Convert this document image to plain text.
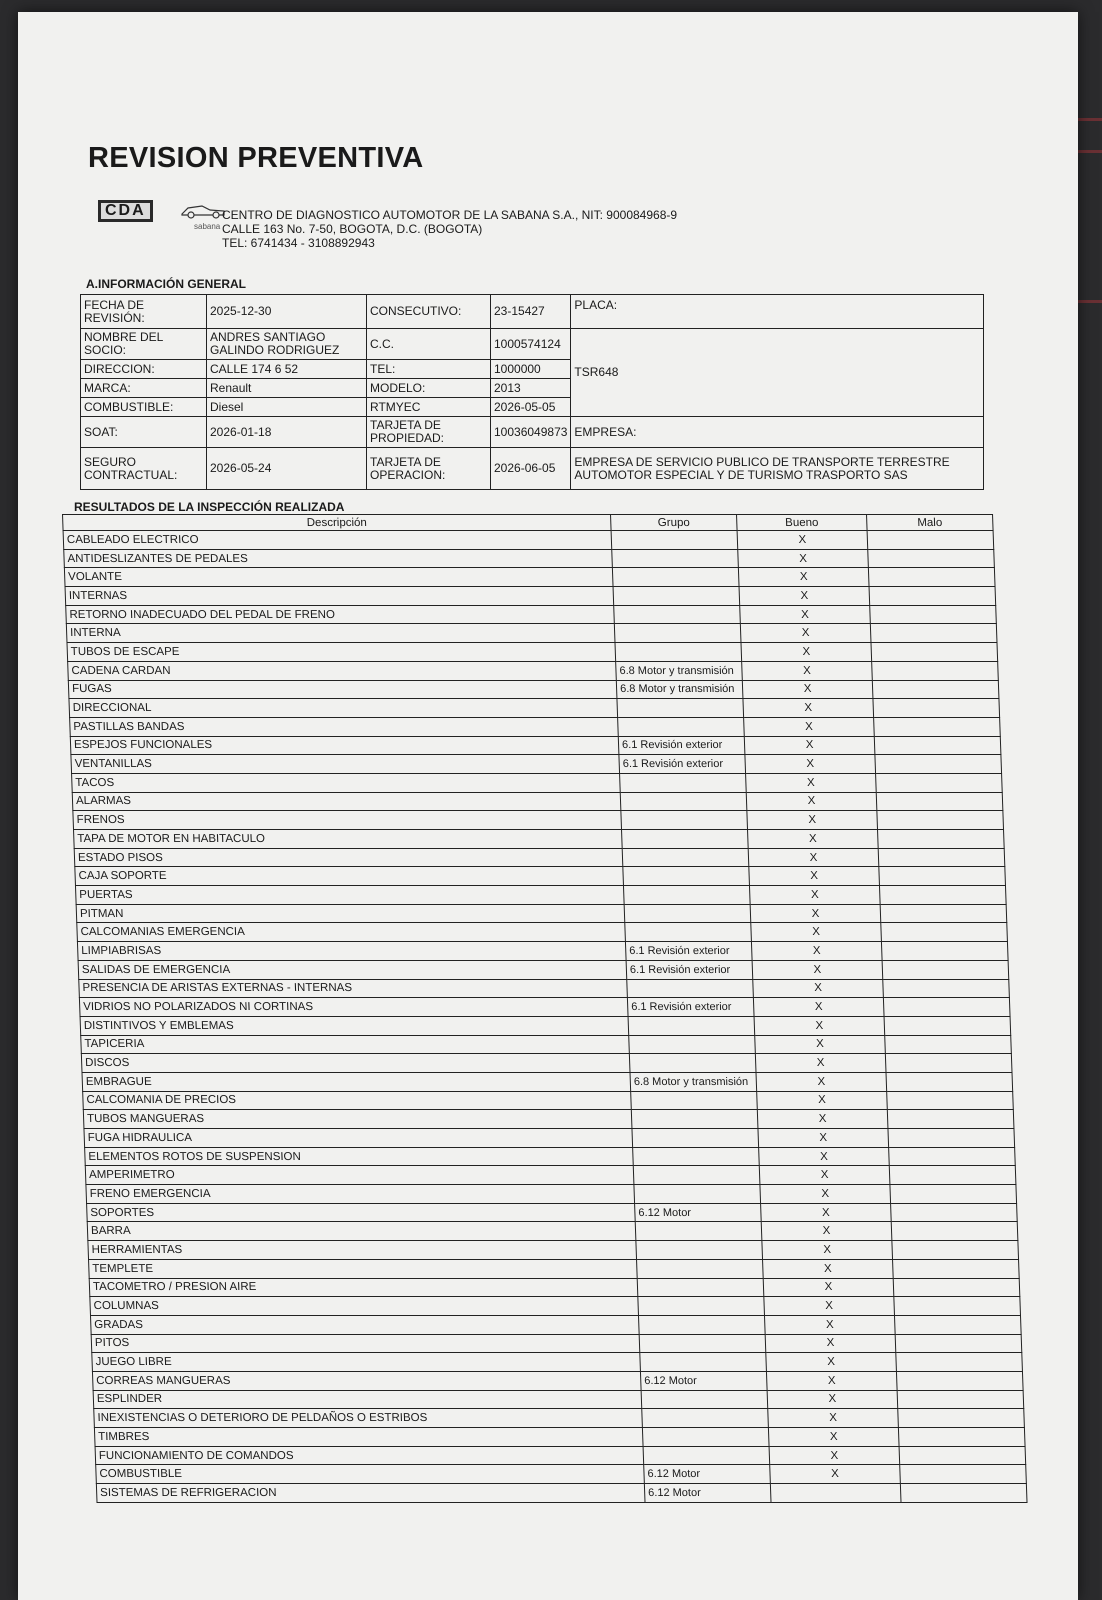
REVISION PREVENTIVA
CDA
sabana
CENTRO DE DIAGNOSTICO AUTOMOTOR DE LA SABANA S.A., NIT: 900084968-9
CALLE 163 No. 7-50, BOGOTA, D.C. (BOGOTA)
TEL: 6741434 - 3108892943
A.INFORMACIÓN GENERAL
FECHA DE REVISIÓN:	2025-12-30	CONSECUTIVO:	23-15427	PLACA:
NOMBRE DEL SOCIO:	ANDRES SANTIAGO GALINDO RODRIGUEZ	C.C.	1000574124	TSR648
DIRECCION:	CALLE 174 6 52	TEL:	1000000	
MARCA:	Renault	MODELO:	2013	
COMBUSTIBLE:	Diesel	RTMYEC	2026-05-05	
SOAT:	2026-01-18	TARJETA DE PROPIEDAD:	10036049873	EMPRESA:
SEGURO CONTRACTUAL:	2026-05-24	TARJETA DE OPERACION:	2026-06-05	EMPRESA DE SERVICIO PUBLICO DE TRANSPORTE TERRESTRE AUTOMOTOR ESPECIAL Y DE TURISMO TRASPORTO SAS
RESULTADOS DE LA INSPECCIÓN REALIZADA
Descripción	Grupo	Bueno	Malo
CABLEADO ELECTRICO		X	
ANTIDESLIZANTES DE PEDALES		X	
VOLANTE		X	
INTERNAS		X	
RETORNO INADECUADO DEL PEDAL DE FRENO		X	
INTERNA		X	
TUBOS DE ESCAPE		X	
CADENA CARDAN	6.8 Motor y transmisión	X	
FUGAS	6.8 Motor y transmisión	X	
DIRECCIONAL		X	
PASTILLAS BANDAS		X	
ESPEJOS FUNCIONALES	6.1 Revisión exterior	X	
VENTANILLAS	6.1 Revisión exterior	X	
TACOS		X	
ALARMAS		X	
FRENOS		X	
TAPA DE MOTOR EN HABITACULO		X	
ESTADO PISOS		X	
CAJA SOPORTE		X	
PUERTAS		X	
PITMAN		X	
CALCOMANIAS EMERGENCIA		X	
LIMPIABRISAS	6.1 Revisión exterior	X	
SALIDAS DE EMERGENCIA	6.1 Revisión exterior	X	
PRESENCIA DE ARISTAS EXTERNAS - INTERNAS		X	
VIDRIOS NO POLARIZADOS NI CORTINAS	6.1 Revisión exterior	X	
DISTINTIVOS Y EMBLEMAS		X	
TAPICERIA		X	
DISCOS		X	
EMBRAGUE	6.8 Motor y transmisión	X	
CALCOMANIA DE PRECIOS		X	
TUBOS MANGUERAS		X	
FUGA HIDRAULICA		X	
ELEMENTOS ROTOS DE SUSPENSION		X	
AMPERIMETRO		X	
FRENO EMERGENCIA		X	
SOPORTES	6.12 Motor	X	
BARRA		X	
HERRAMIENTAS		X	
TEMPLETE		X	
TACOMETRO / PRESION AIRE		X	
COLUMNAS		X	
GRADAS		X	
PITOS		X	
JUEGO LIBRE		X	
CORREAS MANGUERAS	6.12 Motor	X	
ESPLINDER		X	
INEXISTENCIAS O DETERIORO DE PELDAÑOS O ESTRIBOS		X	
TIMBRES		X	
FUNCIONAMIENTO DE COMANDOS		X	
COMBUSTIBLE	6.12 Motor	X	
SISTEMAS DE REFRIGERACION	6.12 Motor		
